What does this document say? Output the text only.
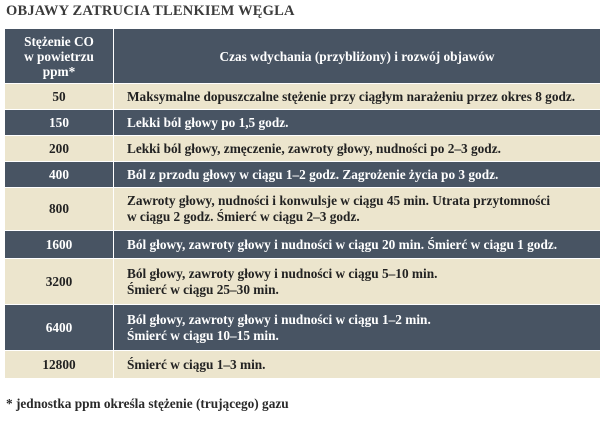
OBJAWY ZATRUCIA TLENKIEM WĘGLA
Stężenie CO
w powietrzu
ppm*	Czas wdychania (przybliżony) i rozwój objawów
50	Maksymalne dopuszczalne stężenie przy ciągłym narażeniu przez okres 8 godz.

150	Lekki ból głowy po 1,5 godz.

200	Lekki ból głowy, zmęczenie, zawroty głowy, nudności po 2–3 godz.

400	Ból z przodu głowy w ciągu 1–2 godz. Zagrożenie życia po 3 godz.

800	Zawroty głowy, nudności i konwulsje w ciągu 45 min. Utrata przytomności
w ciągu 2 godz. Śmierć w ciągu 2–3 godz.

1600	Ból głowy, zawroty głowy i nudności w ciągu 20 min. Śmierć w ciągu 1 godz.

3200	Ból głowy, zawroty głowy i nudności w ciągu 5–10 min.
Śmierć w ciągu 25–30 min.

6400	Ból głowy, zawroty głowy i nudności w ciągu 1–2 min.
Śmierć w ciągu 10–15 min.

12800	Śmierć w ciągu 1–3 min.
* jednostka ppm określa stężenie (trującego) gazu
